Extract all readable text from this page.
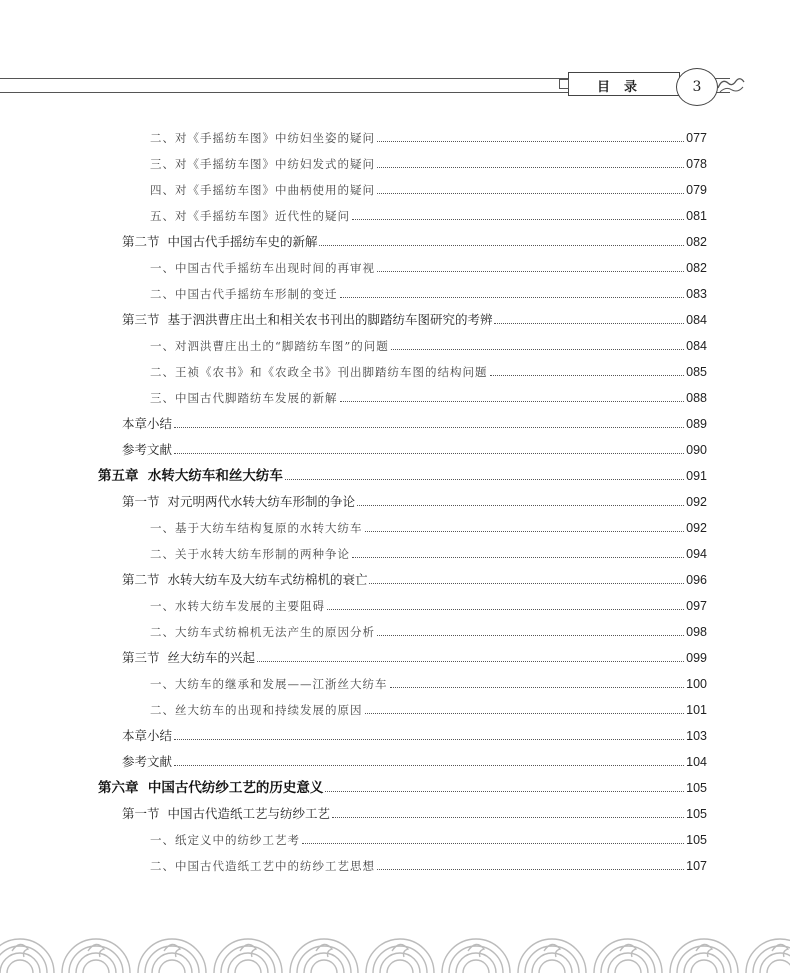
目录	3
二、对《手摇纺车图》中纺妇坐姿的疑问	077
三、对《手摇纺车图》中纺妇发式的疑问	078
四、对《手摇纺车图》中曲柄使用的疑问	079
五、对《手摇纺车图》近代性的疑问	081
第二节  中国古代手摇纺车史的新解	082
一、中国古代手摇纺车出现时间的再审视	082
二、中国古代手摇纺车形制的变迁	083
第三节  基于泗洪曹庄出土和相关农书刊出的脚踏纺车图研究的考辨	084
一、对泗洪曹庄出土的“脚踏纺车图”的问题	084
二、王祯《农书》和《农政全书》刊出脚踏纺车图的结构问题	085
三、中国古代脚踏纺车发展的新解	088
本章小结	089
参考文献	090
第五章  水转大纺车和丝大纺车	091
第一节  对元明两代水转大纺车形制的争论	092
一、基于大纺车结构复原的水转大纺车	092
二、关于水转大纺车形制的两种争论	094
第二节  水转大纺车及大纺车式纺棉机的衰亡	096
一、水转大纺车发展的主要阻碍	097
二、大纺车式纺棉机无法产生的原因分析	098
第三节  丝大纺车的兴起	099
一、大纺车的继承和发展——江浙丝大纺车	100
二、丝大纺车的出现和持续发展的原因	101
本章小结	103
参考文献	104
第六章  中国古代纺纱工艺的历史意义	105
第一节  中国古代造纸工艺与纺纱工艺	105
一、纸定义中的纺纱工艺考	105
二、中国古代造纸工艺中的纺纱工艺思想	107
